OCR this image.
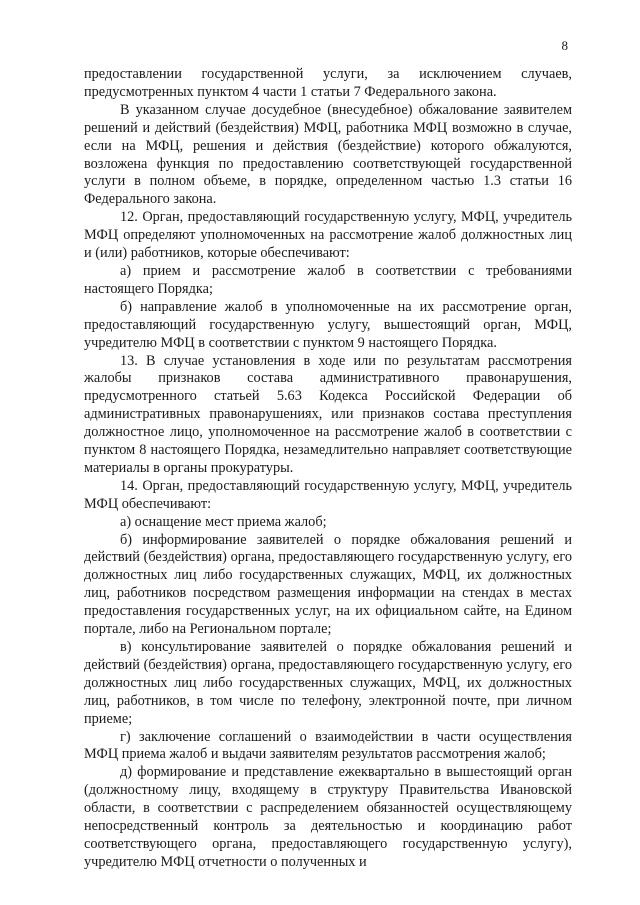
8

предоставлении государственной услуги, за исключением случаев, предусмотренных пунктом 4 части 1 статьи 7 Федерального закона.

В указанном случае досудебное (внесудебное) обжалование заявителем решений и действий (бездействия) МФЦ, работника МФЦ возможно в случае, если на МФЦ, решения и действия (бездействие) которого обжалуются, возложена функция по предоставлению соответствующей государственной услуги в полном объеме, в порядке, определенном частью 1.3 статьи 16 Федерального закона.

12. Орган, предоставляющий государственную услугу, МФЦ, учредитель МФЦ определяют уполномоченных на рассмотрение жалоб должностных лиц и (или) работников, которые обеспечивают:

а) прием и рассмотрение жалоб в соответствии с требованиями настоящего Порядка;

б) направление жалоб в уполномоченные на их рассмотрение орган, предоставляющий государственную услугу, вышестоящий орган, МФЦ, учредителю МФЦ в соответствии с пунктом 9 настоящего Порядка.

13. В случае установления в ходе или по результатам рассмотрения жалобы признаков состава административного правонарушения, предусмотренного статьей 5.63 Кодекса Российской Федерации об административных правонарушениях, или признаков состава преступления должностное лицо, уполномоченное на рассмотрение жалоб в соответствии с пунктом 8 настоящего Порядка, незамедлительно направляет соответствующие материалы в органы прокуратуры.

14. Орган, предоставляющий государственную услугу, МФЦ, учредитель МФЦ обеспечивают:

а) оснащение мест приема жалоб;

б) информирование заявителей о порядке обжалования решений и действий (бездействия) органа, предоставляющего государственную услугу, его должностных лиц либо государственных служащих, МФЦ, их должностных лиц, работников посредством размещения информации на стендах в местах предоставления государственных услуг, на их официальном сайте, на Едином портале, либо на Региональном портале;

в) консультирование заявителей о порядке обжалования решений и действий (бездействия) органа, предоставляющего государственную услугу, его должностных лиц либо государственных служащих, МФЦ, их должностных лиц, работников, в том числе по телефону, электронной почте, при личном приеме;

г) заключение соглашений о взаимодействии в части осуществления МФЦ приема жалоб и выдачи заявителям результатов рассмотрения жалоб;

д) формирование и представление ежеквартально в вышестоящий орган (должностному лицу, входящему в структуру Правительства Ивановской области, в соответствии с распределением обязанностей осуществляющему непосредственный контроль за деятельностью и координацию работ соответствующего органа, предоставляющего государственную услугу), учредителю МФЦ отчетности о полученных и
